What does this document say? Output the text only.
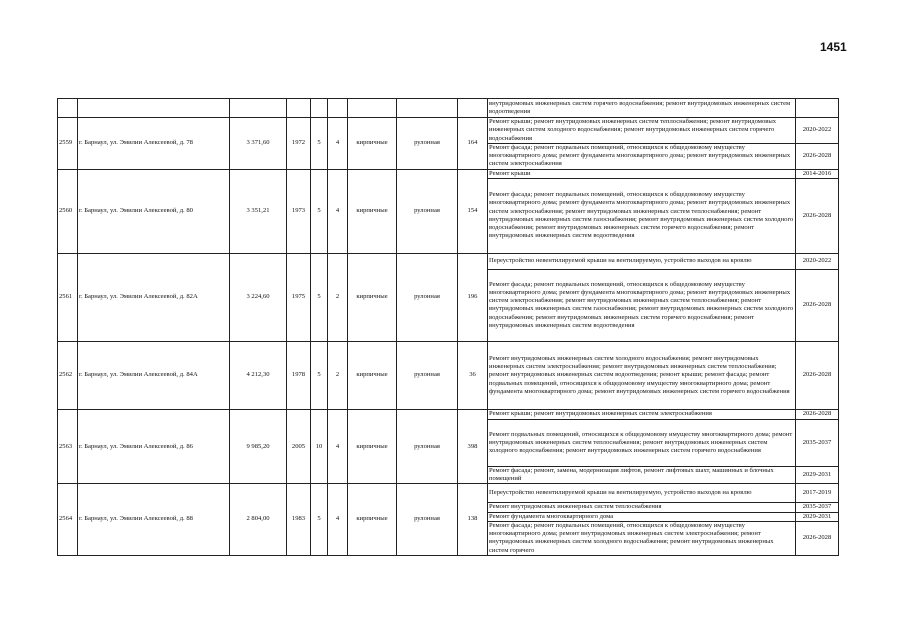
1451
									внутридомовых инженерных систем горячего водоснабжения; ремонт внутридомовых инженерных систем водоотведения	
2559	г. Барнаул, ул. Эмилии Алексеевой, д. 78	3 371,60	1972	5	4	кирпичные	рулонная	164	Ремонт крыши; ремонт внутридомовых инженерных систем теплоснабжения; ремонт внутридомовых инженерных систем холодного водоснабжения; ремонт внутридомовых инженерных систем горячего водоснабжения	2020-2022
									Ремонт фасада; ремонт подвальных помещений, относящихся к общедомовому имуществу многоквартирного дома; ремонт фундамента многоквартирного дома; ремонт внутридомовых инженерных систем электроснабжения	2026-2028
2560	г. Барнаул, ул. Эмилии Алексеевой, д. 80	3 351,21	1973	5	4	кирпичные	рулонная	154	Ремонт крыши	2014-2016
									Ремонт фасада; ремонт подвальных помещений, относящихся к общедомовому имуществу многоквартирного дома; ремонт фундамента многоквартирного дома; ремонт внутридомовых инженерных систем электроснабжения; ремонт внутридомовых инженерных систем теплоснабжения; ремонт внутридомовых инженерных систем газоснабжения; ремонт внутридомовых инженерных систем холодного водоснабжения; ремонт внутридомовых инженерных систем горячего водоснабжения; ремонт внутридомовых инженерных систем водоотведения	2026-2028
2561	г. Барнаул, ул. Эмилии Алексеевой, д. 82А	3 224,60	1975	5	2	кирпичные	рулонная	196	Переустройство невентилируемой крыши на вентилируемую, устройство выходов на кровлю	2020-2022
									Ремонт фасада; ремонт подвальных помещений, относящихся к общедомовому имуществу многоквартирного дома; ремонт фундамента многоквартирного дома; ремонт внутридомовых инженерных систем электроснабжения; ремонт внутридомовых инженерных систем теплоснабжения; ремонт внутридомовых инженерных систем газоснабжения; ремонт внутридомовых инженерных систем холодного водоснабжения; ремонт внутридомовых инженерных систем горячего водоснабжения; ремонт внутридомовых инженерных систем водоотведения	2026-2028
2562	г. Барнаул, ул. Эмилии Алексеевой, д. 84А	4 212,30	1978	5	2	кирпичные	рулонная	36	Ремонт внутридомовых инженерных систем холодного водоснабжения; ремонт внутридомовых инженерных систем электроснабжения; ремонт внутридомовых инженерных систем теплоснабжения; ремонт внутридомовых инженерных систем водоотведения; ремонт крыши; ремонт фасада; ремонт подвальных помещений, относящихся к общедомовому имуществу многоквартирного дома; ремонт фундамента многоквартирного дома; ремонт внутридомовых инженерных систем горячего водоснабжения	2026-2028
2563	г. Барнаул, ул. Эмилии Алексеевой, д. 86	9 985,20	2005	10	4	кирпичные	рулонная	398	Ремонт крыши; ремонт внутридомовых инженерных систем электроснабжения	2026-2028
									Ремонт подвальных помещений, относящихся к общедомовому имуществу многоквартирного дома; ремонт внутридомовых инженерных систем теплоснабжения; ремонт внутридомовых инженерных систем холодного водоснабжения; ремонт внутридомовых инженерных систем горячего водоснабжения	2035-2037
									Ремонт фасада; ремонт, замена, модернизация лифтов, ремонт лифтовых шахт, машинных и блочных помещений	2029-2031
2564	г. Барнаул, ул. Эмилии Алексеевой, д. 88	2 804,00	1983	5	4	кирпичные	рулонная	138	Переустройство невентилируемой крыши на вентилируемую, устройство выходов на кровлю	2017-2019
									Ремонт внутридомовых инженерных систем теплоснабжения	2035-2037
									Ремонт фундамента многоквартирного дома	2029-2031
									Ремонт фасада; ремонт подвальных помещений, относящихся к общедомовому имуществу многоквартирного дома; ремонт внутридомовых инженерных систем электроснабжения; ремонт внутридомовых инженерных систем холодного водоснабжения; ремонт внутридомовых инженерных систем горячего	2026-2028
